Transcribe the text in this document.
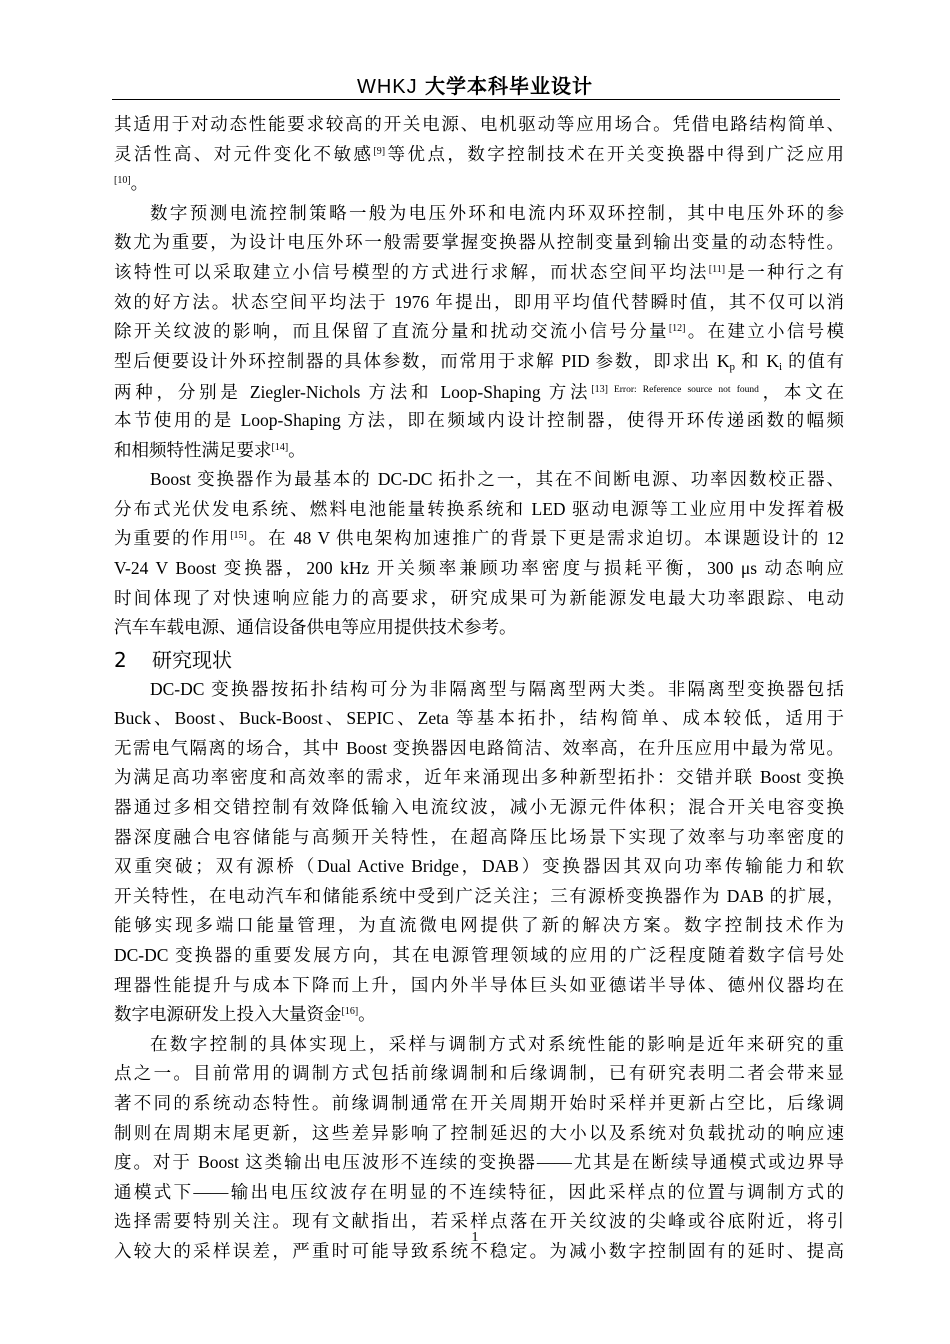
WHKJ 大学本科毕业设计
其适用于对动态性能要求较高的开关电源、电机驱动等应用场合。凭借电路结构简单、
灵活性高、对元件变化不敏感[9]等优点，数字控制技术在开关变换器中得到广泛应用
[10]。
数字预测电流控制策略一般为电压外环和电流内环双环控制，其中电压外环的参
数尤为重要，为设计电压外环一般需要掌握变换器从控制变量到输出变量的动态特性。
该特性可以采取建立小信号模型的方式进行求解，而状态空间平均法[11]是一种行之有
效的好方法。状态空间平均法于 1976 年提出，即用平均值代替瞬时值，其不仅可以消
除开关纹波的影响，而且保留了直流分量和扰动交流小信号分量[12]。在建立小信号模
型后便要设计外环控制器的具体参数，而常用于求解 PID 参数，即求出 $K_p$ 和 $K_i$ 的值有
两种，分别是 Ziegler-Nichols 方法和 Loop-Shaping 方法[13] $^{Error: Reference source not found}$，本文在
本节使用的是 Loop-Shaping 方法，即在频域内设计控制器，使得开环传递函数的幅频
和相频特性满足要求[14]。
Boost 变换器作为最基本的 DC-DC 拓扑之一，其在不间断电源、功率因数校正器、
分布式光伏发电系统、燃料电池能量转换系统和 LED 驱动电源等工业应用中发挥着极
为重要的作用[15]。在 48 V 供电架构加速推广的背景下更是需求迫切。本课题设计的 12
V-24 V Boost 变换器，200 kHz 开关频率兼顾功率密度与损耗平衡，300 μs 动态响应
时间体现了对快速响应能力的高要求，研究成果可为新能源发电最大功率跟踪、电动
汽车车载电源、通信设备供电等应用提供技术参考。
2 研究现状
DC-DC 变换器按拓扑结构可分为非隔离型与隔离型两大类。非隔离型变换器包括
Buck、Boost、Buck-Boost、SEPIC、Zeta 等基本拓扑，结构简单、成本较低，适用于
无需电气隔离的场合，其中 Boost 变换器因电路简洁、效率高，在升压应用中最为常见。
为满足高功率密度和高效率的需求，近年来涌现出多种新型拓扑：交错并联 Boost 变换
器通过多相交错控制有效降低输入电流纹波，减小无源元件体积；混合开关电容变换
器深度融合电容储能与高频开关特性，在超高降压比场景下实现了效率与功率密度的
双重突破；双有源桥（Dual Active Bridge，DAB）变换器因其双向功率传输能力和软
开关特性，在电动汽车和储能系统中受到广泛关注；三有源桥变换器作为 DAB 的扩展，
能够实现多端口能量管理，为直流微电网提供了新的解决方案。数字控制技术作为
DC-DC 变换器的重要发展方向，其在电源管理领域的应用的广泛程度随着数字信号处
理器性能提升与成本下降而上升，国内外半导体巨头如亚德诺半导体、德州仪器均在
数字电源研发上投入大量资金[16]。
在数字控制的具体实现上，采样与调制方式对系统性能的影响是近年来研究的重
点之一。目前常用的调制方式包括前缘调制和后缘调制，已有研究表明二者会带来显
著不同的系统动态特性。前缘调制通常在开关周期开始时采样并更新占空比，后缘调
制则在周期末尾更新，这些差异影响了控制延迟的大小以及系统对负载扰动的响应速
度。对于 Boost 这类输出电压波形不连续的变换器——尤其是在断续导通模式或边界导
通模式下——输出电压纹波存在明显的不连续特征，因此采样点的位置与调制方式的
选择需要特别关注。现有文献指出，若采样点落在开关纹波的尖峰或谷底附近，将引
入较大的采样误差，严重时可能导致系统不稳定。为减小数字控制固有的延时、提高
1
